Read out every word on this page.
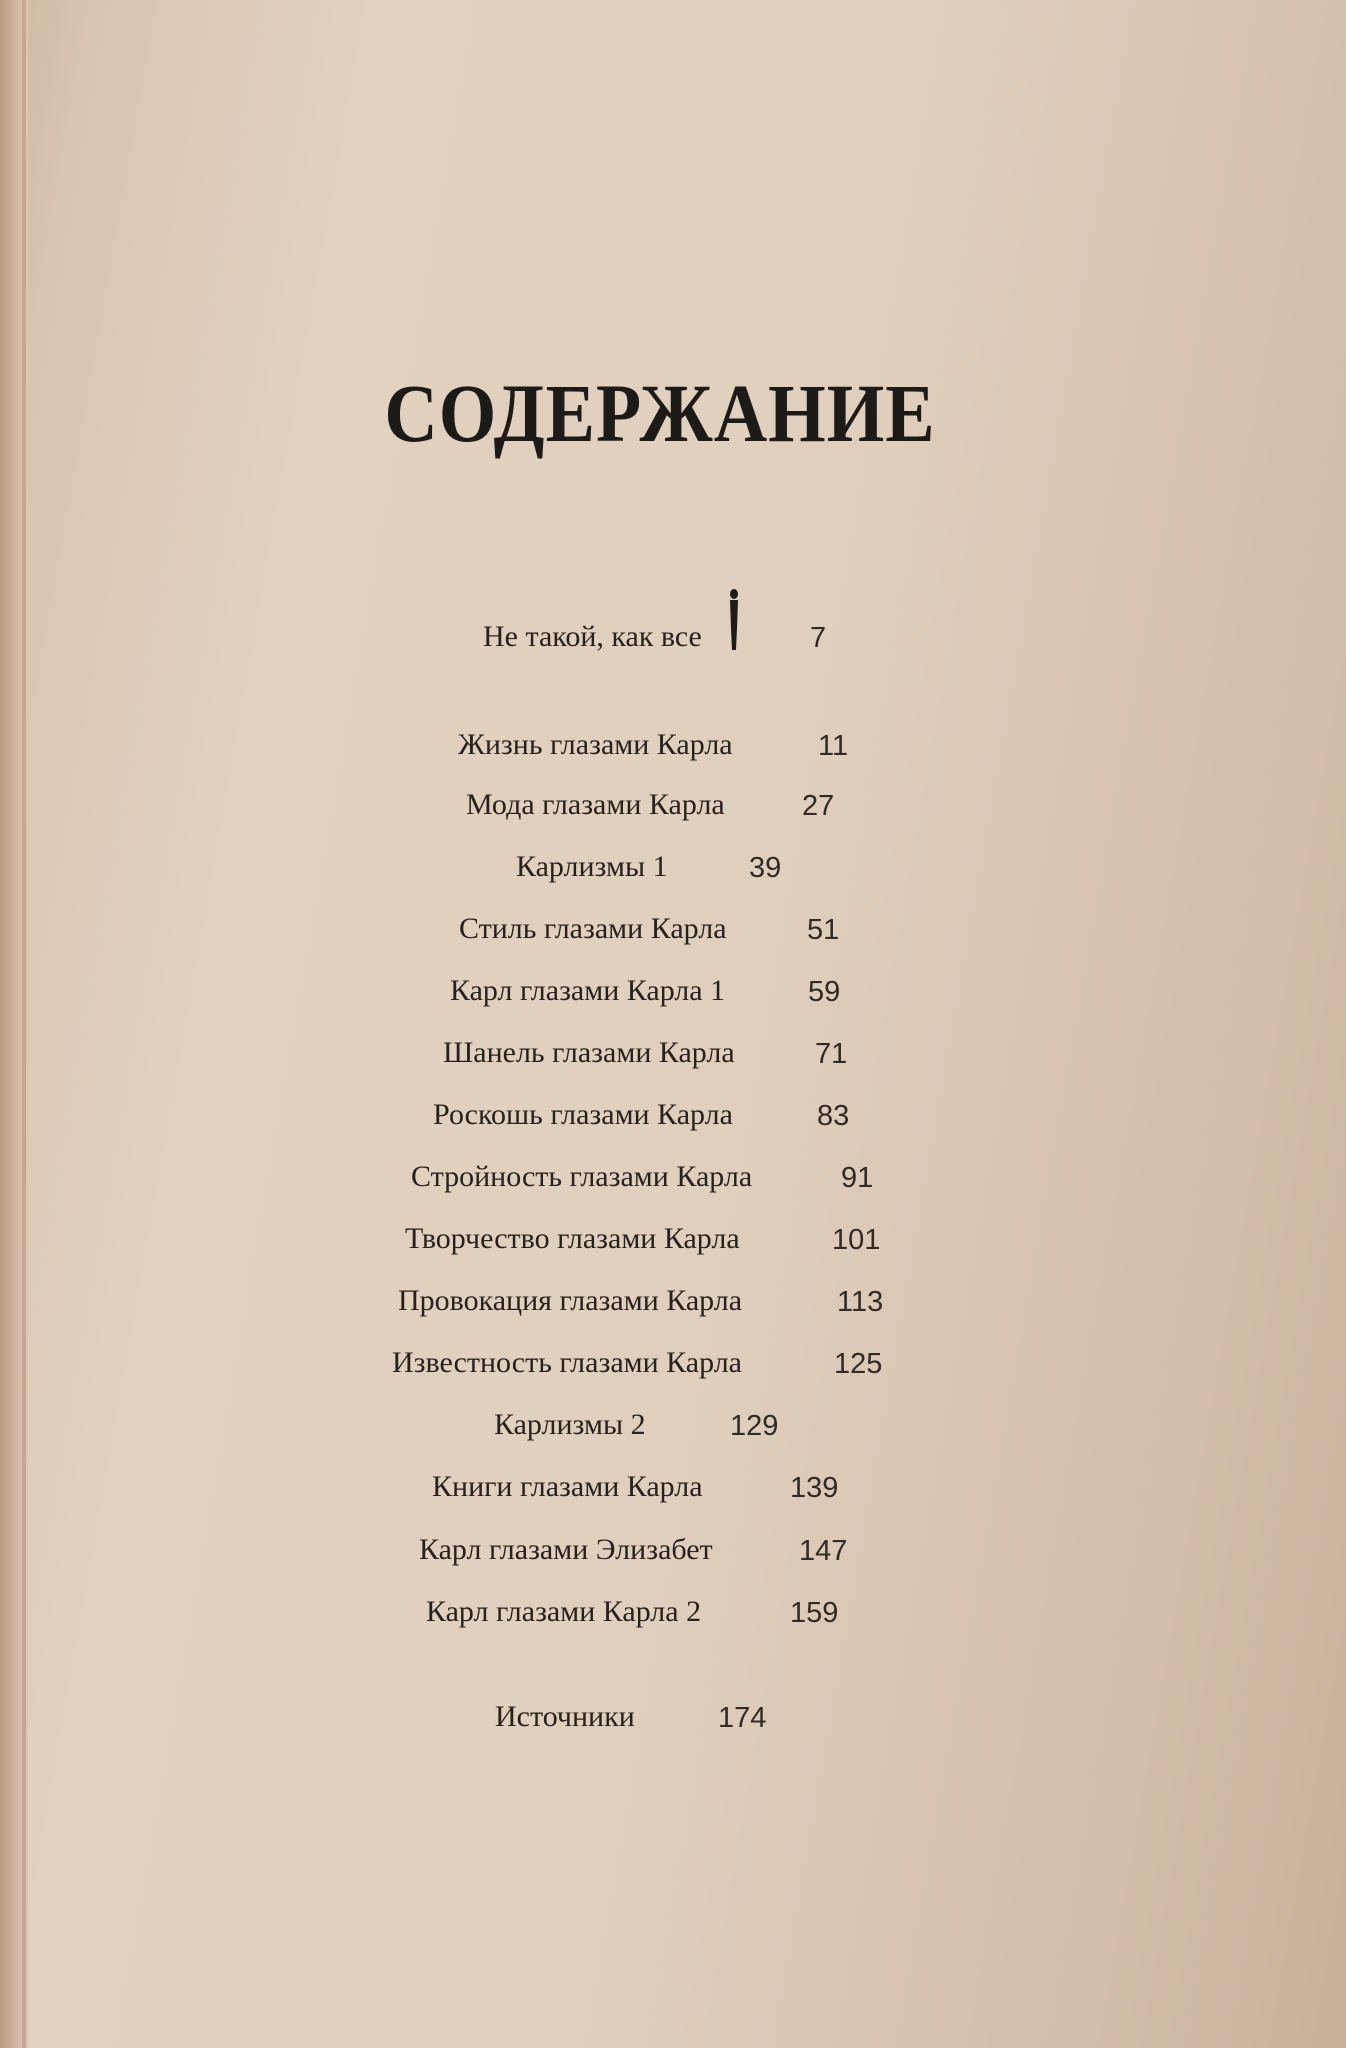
СОДЕРЖАНИЕ
Не такой, как все	7
Жизнь глазами Карла	11
Мода глазами Карла	27
Карлизмы 1	39
Стиль глазами Карла	51
Карл глазами Карла 1	59
Шанель глазами Карла	71
Роскошь глазами Карла	83
Стройность глазами Карла	91
Творчество глазами Карла	101
Провокация глазами Карла	113
Известность глазами Карла	125
Карлизмы 2	129
Книги глазами Карла	139
Карл глазами Элизабет	147
Карл глазами Карла 2	159
Источники	174
